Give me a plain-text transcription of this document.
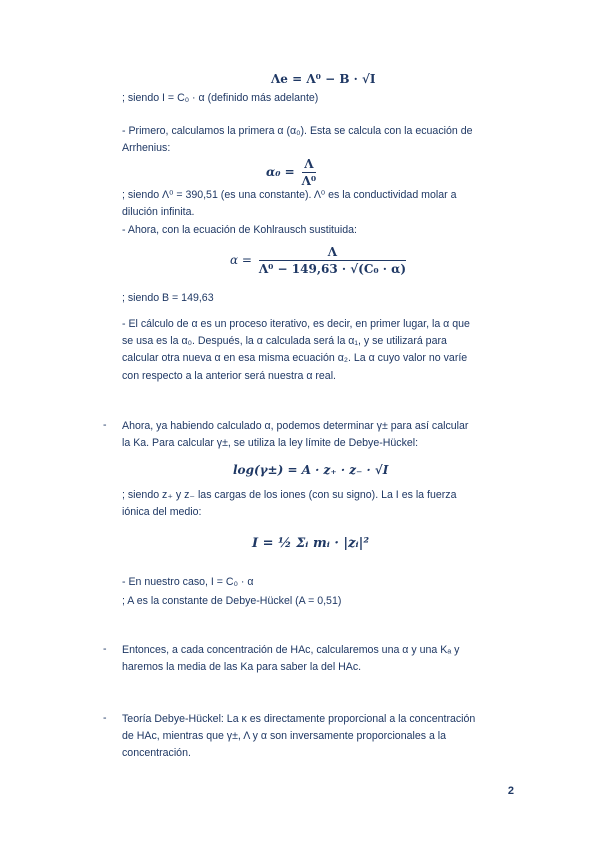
Λe = Λ⁰ − B · √I
; siendo I = C₀ · α (definido más adelante)
- Primero, calculamos la primera α (α₀). Esta se calcula con la ecuación de
Arrhenius:
$\alpha_0 = \frac{\Lambda}{\text{Λ⁰}}$
; siendo Λ⁰ = 390,51 (es una constante). Λ⁰ es la conductividad molar a
dilución infinita.
- Ahora, con la ecuación de Kohlrausch sustituida:
$\alpha = \frac{\Lambda}{\text{Λ⁰ − 149,63 · √(C₀ · α)}}$
; siendo B = 149,63
- El cálculo de α es un proceso iterativo, es decir, en primer lugar, la α que
se usa es la α₀. Después, la α calculada será la α₁, y se utilizará para
calcular otra nueva α en esa misma ecuación α₂. La α cuyo valor no varíe
con respecto a la anterior será nuestra α real.
- Ahora, ya habiendo calculado α, podemos determinar γ± para así calcular
la Ka. Para calcular γ±, se utiliza la ley límite de Debye-Hückel:
log(γ±) = A · z₊ · z₋ · √I
; siendo z₊ y z₋ las cargas de los iones (con su signo). La I es la fuerza
iónica del medio:
I = ½ Σᵢ mᵢ · |zᵢ|²
- En nuestro caso, I = C₀ · α
; A es la constante de Debye-Hückel (A = 0,51)
- Entonces, a cada concentración de HAc, calcularemos una α y una Kₐ y
haremos la media de las Ka para saber la del HAc.
- Teoría Debye-Hückel: La κ es directamente proporcional a la concentración
de HAc, mientras que γ±, Λ y α son inversamente proporcionales a la
concentración.
2
